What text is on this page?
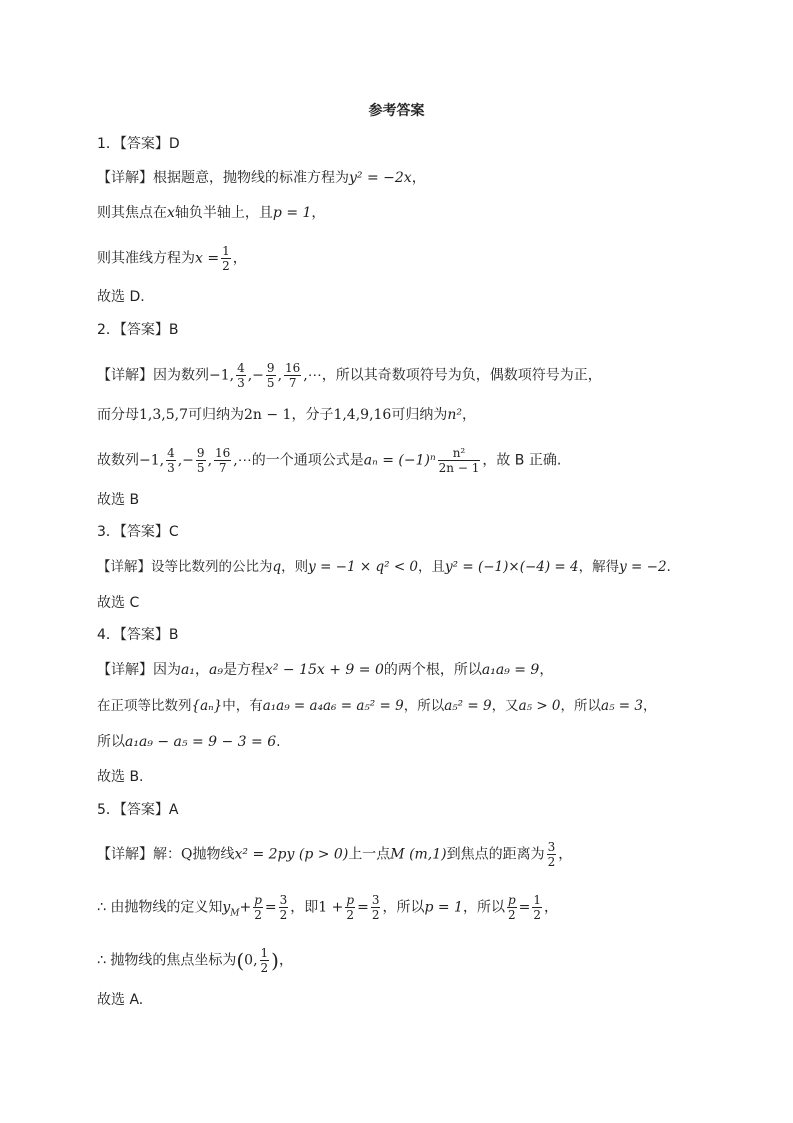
参考答案
1．【答案】D
【详解】根据题意，抛物线的标准方程为y² = −2x，
则其焦点在x轴负半轴上，且p = 1，
则其准线方程为$x = \frac{1}{2}$ ，
故选 D.
2．【答案】B
【详解】因为数列−1, $\frac{4}{3}$ ,− $\frac{9}{5}$ , $\frac{16}{7}$ ,⋯，所以其奇数项符号为负，偶数项符号为正，
而分母1,3,5,7可归纳为2n − 1，分子1,4,9,16可归纳为n²，
故数列−1, $\frac{4}{3}$ ,− $\frac{9}{5}$ , $\frac{16}{7}$ ,⋯的一个通项公式是$a_n = (-1)^n \frac{\text{n²}}{2n - 1}$ ，故 B 正确.
故选 B
3．【答案】C
【详解】设等比数列的公比为q，则y = −1 × q² < 0，且y² = (−1)×(−4) = 4，解得y = −2.
故选 C
4．【答案】B
【详解】因为a₁，a₉是方程x² − 15x + 9 = 0的两个根，所以a₁a₉ = 9，
在正项等比数列{aₙ}中，有a₁a₉ = a₄a₆ = a₅² = 9，所以a₅² = 9，又a₅ > 0，所以a₅ = 3，
所以a₁a₉ − a₅ = 9 − 3 = 6.
故选 B.
5．【答案】A
【详解】解：Q抛物线x² = 2py (p > 0)上一点M (m,1)到焦点的距离为 $\frac{3}{2}$ ，
∴ 由抛物线的定义知$y_M+ \frac{p}{2} = \frac{3}{2}$ ，即$1 + \frac{p}{2} = \frac{3}{2}$ ，所以p = 1，所以 $\frac{p}{2} = \frac{1}{2}$ ，
∴ 抛物线的焦点坐标为(0, $\frac{1}{2}$ )，
故选 A.
